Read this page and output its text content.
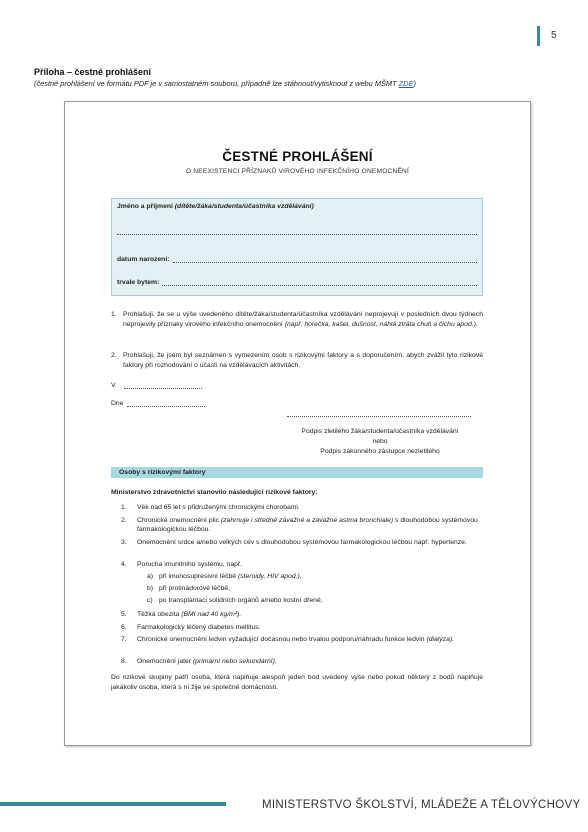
5
Příloha – čestné prohlášení
(čestné prohlášení ve formátu PDF je v samostatném souboru, případně lze stáhnout/vytisknout z webu MŠMT ZDE)
ČESTNÉ PROHLÁŠENÍ
O NEEXISTENCI PŘÍZNAKŮ VIROVÉHO INFEKČNÍHO ONEMOCNĚNÍ
Jméno a příjmení (dítěte/žáka/studenta/účastníka vzdělávání)
datum narození:
trvale bytem:
1. Prohlašuji, že se u výše uvedeného dítěte/žáka/studenta/účastníka vzdělávání neprojevují v posledních dvou týdnech neprojevily příznaky virového infekčního onemocnění (např. horečka, kašel, dušnost, náhlá ztráta chuti a čichu apod.).
2. Prohlašuji, že jsem byl seznámen s vymezením osob s rizikovými faktory a s doporučením, abych zvážil tyto rizikové faktory při rozhodování o účasti na vzdělávacích aktivitách.
V
Dne
Podpis zletilého žáka/studenta/účastníka vzdělávání
nebo
Podpis zákonného zástupce nezletilého
Osoby s rizikovými faktory
Ministerstvo zdravotnictví stanovilo následující rizikové faktory:
1. Věk nad 65 let s přidruženými chronickými chorobami.
2. Chronické onemocnění plic (zahrnuje i středně závažné a závažné astma bronchiale) s dlouhodobou systémovou farmakologickou léčbou.
3. Onemocnění srdce a/nebo velkých cév s dlouhodobou systémovou farmakologickou léčbou např. hypertenze.
4. Porucha imunitního systému, např.
a) při imunosupresivní léčbě (steroidy, HIV apod.),
b) při protinádorové léčbě,
c) po transplantaci solidních orgánů a/nebo kostní dřeně,
5. Těžká obezita (BMI nad 40 kg/m²).
6. Farmakologicky léčený diabetes mellitus.
7. Chronické onemocnění ledvin vyžadující dočasnou nebo trvalou podporu/náhradu funkce ledvin (dialýza).
8. Onemocnění jater (primární nebo sekundární).
Do rizikové skupiny patří osoba, která naplňuje alespoň jeden bod uvedený výše nebo pokud některý z bodů naplňuje jakákoliv osoba, která s ní žije ve společné domácnosti.
MINISTERSTVO ŠKOLSTVÍ, MLÁDEŽE A TĚLOVÝCHOVY
